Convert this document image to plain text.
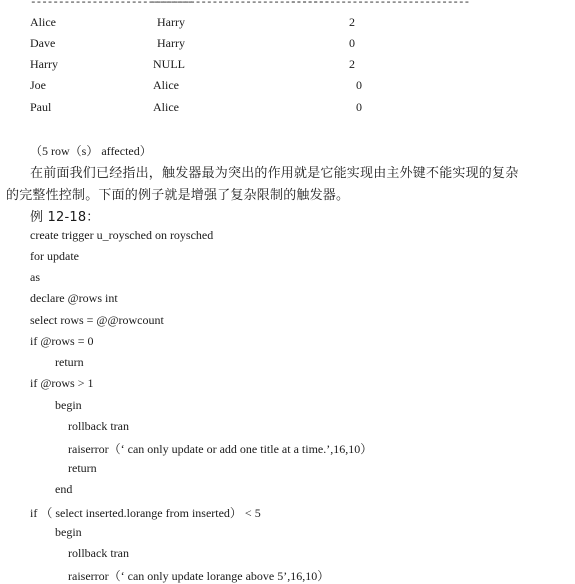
-----------------------------
--------------------------------
--------------------------------
Alice	Harry	2
Dave	Harry	0
Harry	NULL	2
Joe	Alice	0
Paul	Alice	0
（5 row（s） affected）
在前面我们已经指出，触发器最为突出的作用就是它能实现由主外键不能实现的复杂
的完整性控制。下面的例子就是增强了复杂限制的触发器。
例 12-18：
create trigger u_roysched on roysched
for update
as
declare @rows int
select rows = @@rowcount
if @rows = 0
return
if @rows > 1
begin
rollback tran
raiserror（‘ can only update or add one title at a time.’,16,10）
return
end
if （ select inserted.lorange from inserted） < 5
begin
rollback tran
raiserror（‘ can only update lorange above 5’,16,10）
